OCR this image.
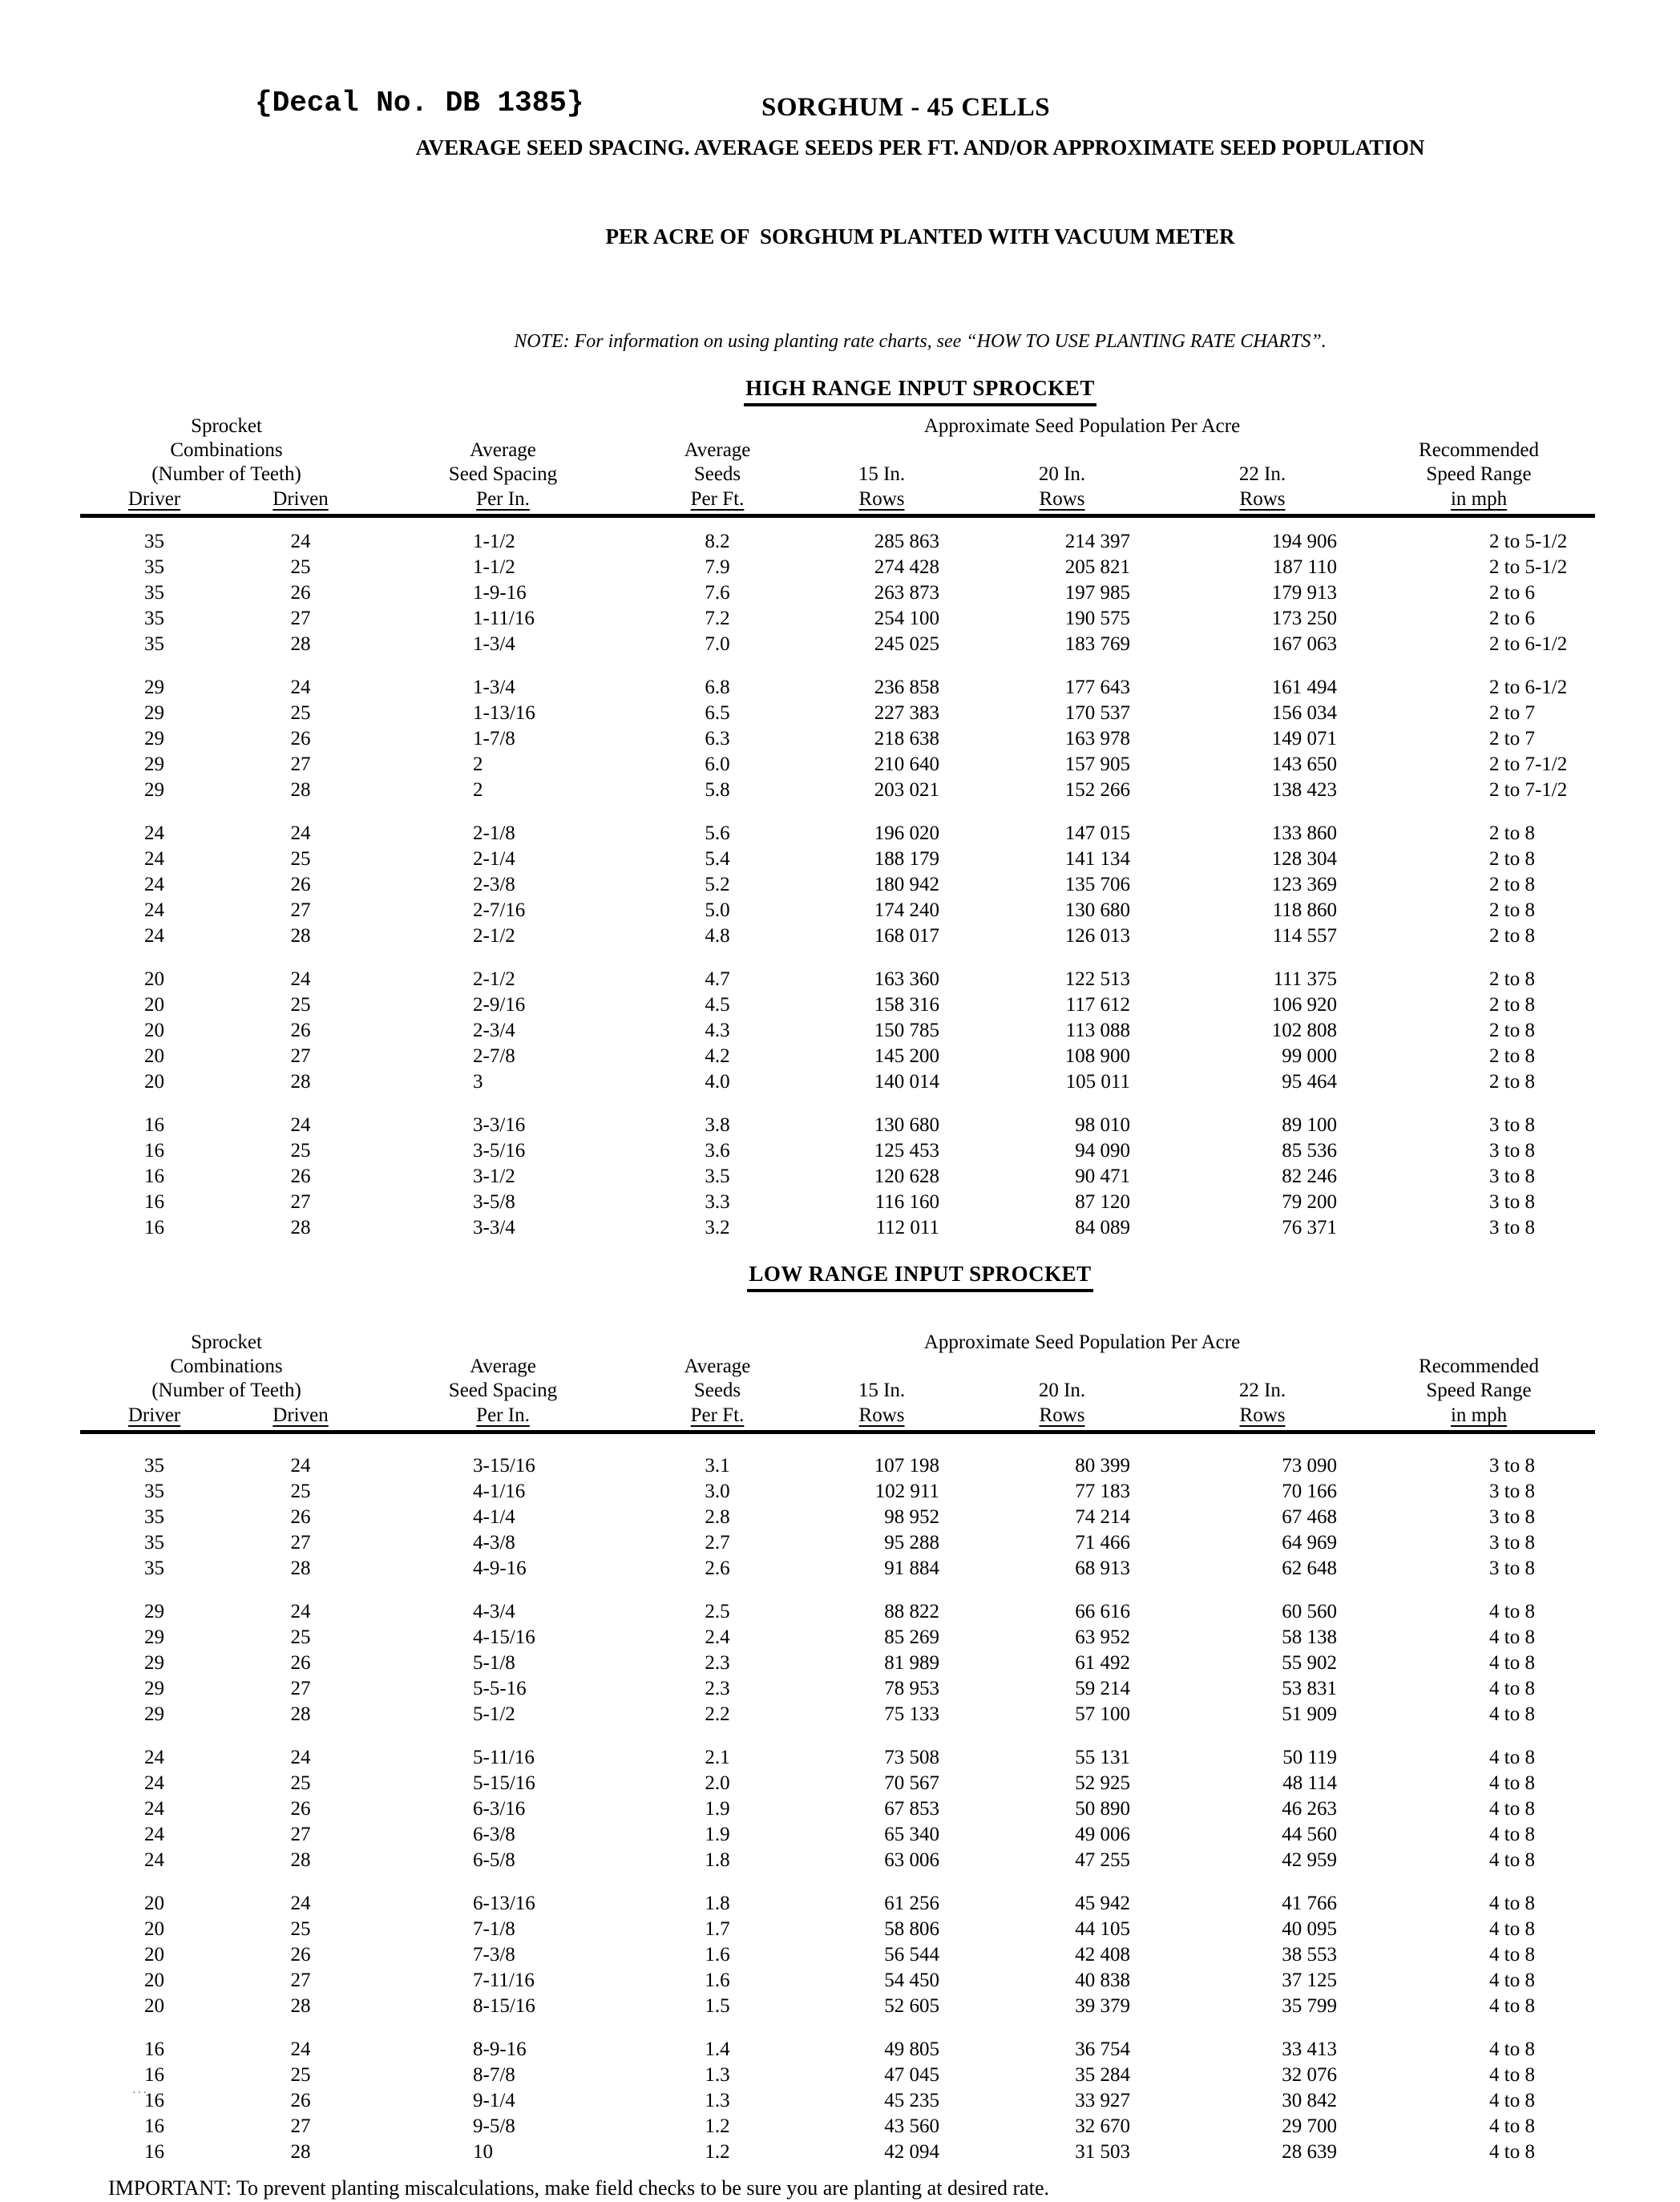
{Decal No. DB 1385}	SORGHUM - 45 CELLS

AVERAGE SEED SPACING. AVERAGE SEEDS PER FT. AND/OR APPROXIMATE SEED POPULATION

PER ACRE OF  SORGHUM PLANTED WITH VACUUM METER

NOTE: For information on using planting rate charts, see “HOW TO USE PLANTING RATE CHARTS”.
HIGH RANGE INPUT SPROCKET
Sprocket				Approximate Seed Population Per Acre			
Combinations		Average	Average				Recommended
(Number of Teeth)		Seed Spacing	Seeds	15 In.	20 In.	22 In.	Speed Range
Driver	Driven	Per In.	Per Ft.	Rows	Rows	Rows	in mph

35	24	1-1/2	8.2	285 863	214 397	194 906	2 to 5-1/2
35	25	1-1/2	7.9	274 428	205 821	187 110	2 to 5-1/2
35	26	1-9-16	7.6	263 873	197 985	179 913	2 to 6
35	27	1-11/16	7.2	254 100	190 575	173 250	2 to 6
35	28	1-3/4	7.0	245 025	183 769	167 063	2 to 6-1/2

29	24	1-3/4	6.8	236 858	177 643	161 494	2 to 6-1/2
29	25	1-13/16	6.5	227 383	170 537	156 034	2 to 7
29	26	1-7/8	6.3	218 638	163 978	149 071	2 to 7
29	27	2	6.0	210 640	157 905	143 650	2 to 7-1/2
29	28	2	5.8	203 021	152 266	138 423	2 to 7-1/2

24	24	2-1/8	5.6	196 020	147 015	133 860	2 to 8
24	25	2-1/4	5.4	188 179	141 134	128 304	2 to 8
24	26	2-3/8	5.2	180 942	135 706	123 369	2 to 8
24	27	2-7/16	5.0	174 240	130 680	118 860	2 to 8
24	28	2-1/2	4.8	168 017	126 013	114 557	2 to 8

20	24	2-1/2	4.7	163 360	122 513	111 375	2 to 8
20	25	2-9/16	4.5	158 316	117 612	106 920	2 to 8
20	26	2-3/4	4.3	150 785	113 088	102 808	2 to 8
20	27	2-7/8	4.2	145 200	108 900	99 000	2 to 8
20	28	3	4.0	140 014	105 011	95 464	2 to 8

16	24	3-3/16	3.8	130 680	98 010	89 100	3 to 8
16	25	3-5/16	3.6	125 453	94 090	85 536	3 to 8
16	26	3-1/2	3.5	120 628	90 471	82 246	3 to 8
16	27	3-5/8	3.3	116 160	87 120	79 200	3 to 8
16	28	3-3/4	3.2	112 011	84 089	76 371	3 to 8
LOW RANGE INPUT SPROCKET
Sprocket				Approximate Seed Population Per Acre			
Combinations		Average	Average				Recommended
(Number of Teeth)		Seed Spacing	Seeds	15 In.	20 In.	22 In.	Speed Range
Driver	Driven	Per In.	Per Ft.	Rows	Rows	Rows	in mph

35	24	3-15/16	3.1	107 198	80 399	73 090	3 to 8
35	25	4-1/16	3.0	102 911	77 183	70 166	3 to 8
35	26	4-1/4	2.8	98 952	74 214	67 468	3 to 8
35	27	4-3/8	2.7	95 288	71 466	64 969	3 to 8
35	28	4-9-16	2.6	91 884	68 913	62 648	3 to 8

29	24	4-3/4	2.5	88 822	66 616	60 560	4 to 8
29	25	4-15/16	2.4	85 269	63 952	58 138	4 to 8
29	26	5-1/8	2.3	81 989	61 492	55 902	4 to 8
29	27	5-5-16	2.3	78 953	59 214	53 831	4 to 8
29	28	5-1/2	2.2	75 133	57 100	51 909	4 to 8

24	24	5-11/16	2.1	73 508	55 131	50 119	4 to 8
24	25	5-15/16	2.0	70 567	52 925	48 114	4 to 8
24	26	6-3/16	1.9	67 853	50 890	46 263	4 to 8
24	27	6-3/8	1.9	65 340	49 006	44 560	4 to 8
24	28	6-5/8	1.8	63 006	47 255	42 959	4 to 8

20	24	6-13/16	1.8	61 256	45 942	41 766	4 to 8
20	25	7-1/8	1.7	58 806	44 105	40 095	4 to 8
20	26	7-3/8	1.6	56 544	42 408	38 553	4 to 8
20	27	7-11/16	1.6	54 450	40 838	37 125	4 to 8
20	28	8-15/16	1.5	52 605	39 379	35 799	4 to 8

16	24	8-9-16	1.4	49 805	36 754	33 413	4 to 8
16	25	8-7/8	1.3	47 045	35 284	32 076	4 to 8
16	26	9-1/4	1.3	45 235	33 927	30 842	4 to 8
16	27	9-5/8	1.2	43 560	32 670	29 700	4 to 8
16	28	10	1.2	42 094	31 503	28 639	4 to 8
IMPORTANT: To prevent planting miscalculations, make field checks to be sure you are planting at desired rate.
···
